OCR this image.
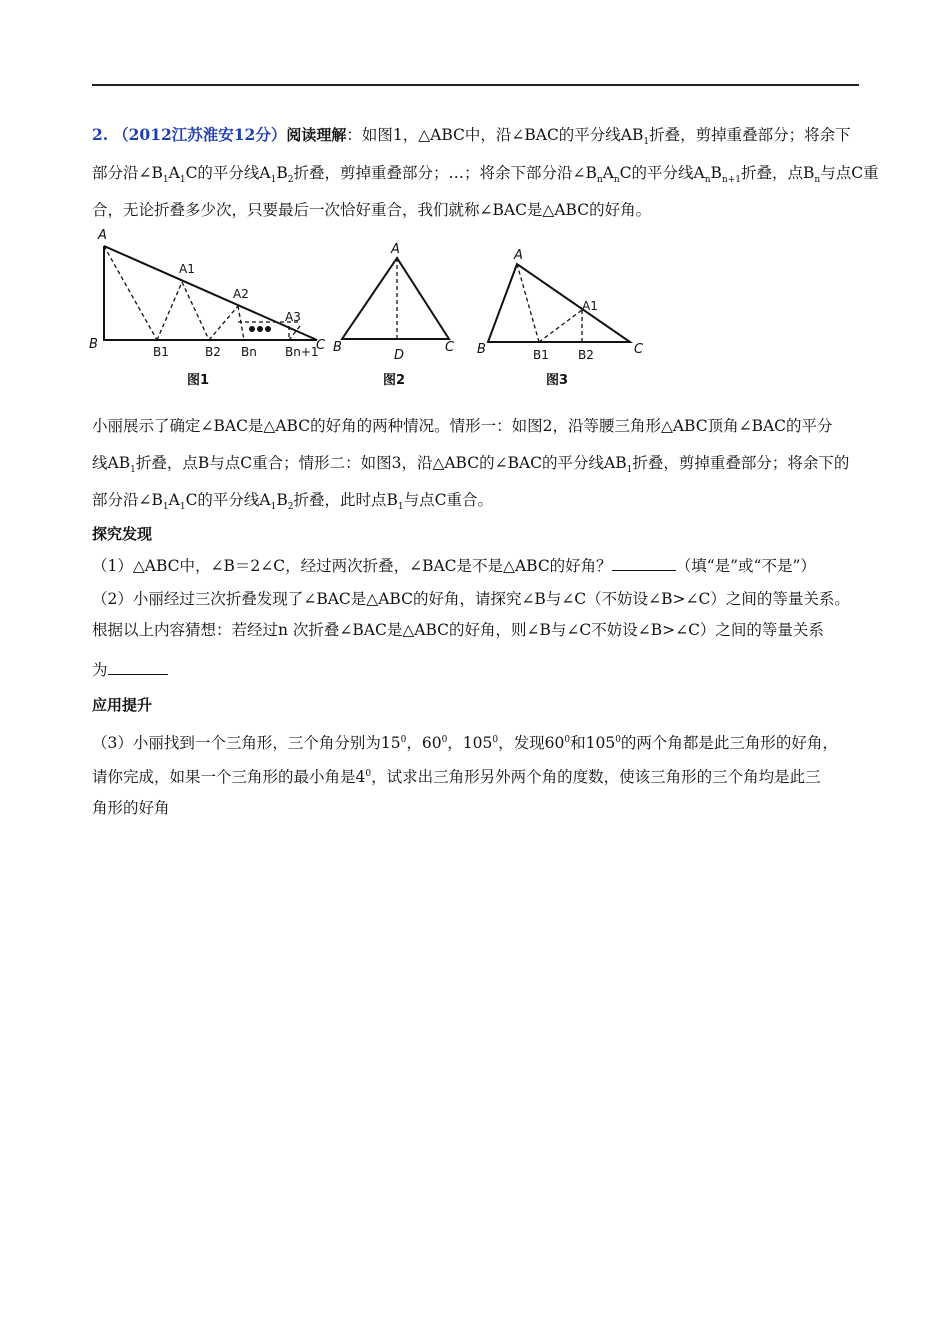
2. （2012江苏淮安12分）阅读理解：如图1，△ABC中，沿∠BAC的平分线$AB_1$折叠，剪掉重叠部分；将余下
部分沿$\angle B_1A_1C$的平分线$A_1B_2$折叠，剪掉重叠部分；…；将余下部分沿$\angle B_nA_nC$的平分线$A_nB_{n+1}$折叠，点$B_n$与点C重
合，无论折叠多少次，只要最后一次恰好重合，我们就称∠BAC是△ABC的好角。
A
B	C
A1
A2
A3
B1	B2 Bn Bn+1
图1
A
B	C
D
图2
A
B	C
A1
B1 B2
图3
小丽展示了确定∠BAC是△ABC的好角的两种情况。情形一：如图2，沿等腰三角形△ABC顶角∠BAC的平分
线$AB_1$折叠，点B与点C重合；情形二：如图3，沿△ABC的∠BAC的平分线$AB_1$折叠，剪掉重叠部分；将余下的
部分沿$\angle B_1A_1C$的平分线$A_1B_2$折叠，此时点$B_1$与点C重合。
探究发现
（1）△ABC中，∠B＝2∠C，经过两次折叠，∠BAC是不是△ABC的好角？	（填“是”或“不是”）
（2）小丽经过三次折叠发现了∠BAC是△ABC的好角，请探究∠B与∠C（不妨设∠B>∠C）之间的等量关系。
根据以上内容猜想：若经过n 次折叠∠BAC是△ABC的好角，则∠B与∠C不妨设∠B>∠C）之间的等量关系
为
应用提升
（3）小丽找到一个三角形，三个角分别为$15^0$，$60^0$，$105^0$，发现$60^0$和$105^0$的两个角都是此三角形的好角，
请你完成，如果一个三角形的最小角是$4^0$，试求出三角形另外两个角的度数，使该三角形的三个角均是此三
角形的好角
